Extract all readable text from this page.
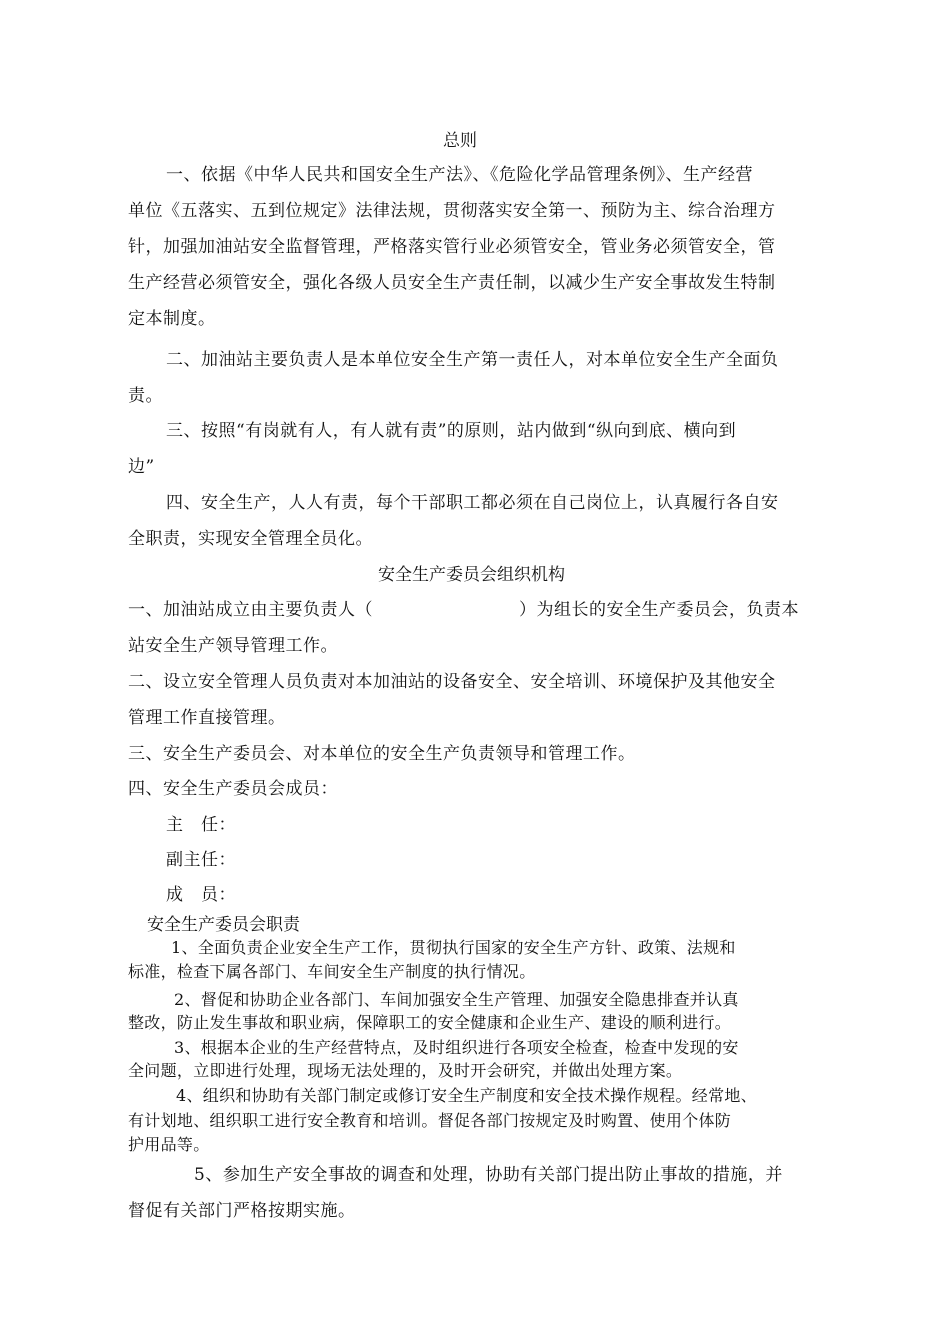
总则

一、依据《中华人民共和国安全生产法》、《危险化学品管理条例》、生产经营

单位《五落实、五到位规定》法律法规，贯彻落实安全第一、预防为主、综合治理方

针，加强加油站安全监督管理，严格落实管行业必须管安全，管业务必须管安全，管

生产经营必须管安全，强化各级人员安全生产责任制，以减少生产安全事故发生特制

定本制度。

二、加油站主要负责人是本单位安全生产第一责任人，对本单位安全生产全面负

责。

三、按照“有岗就有人，有人就有责”的原则，站内做到“纵向到底、横向到

边”

四、安全生产，人人有责，每个干部职工都必须在自己岗位上，认真履行各自安

全职责，实现安全管理全员化。

安全生产委员会组织机构

一、加油站成立由主要负责人（	）为组长的安全生产委员会，负责本

站安全生产领导管理工作。

二、设立安全管理人员负责对本加油站的设备安全、安全培训、环境保护及其他安全

管理工作直接管理。

三、安全生产委员会、对本单位的安全生产负责领导和管理工作。

四、安全生产委员会成员：

主　任：

副主任：

成　员：

安全生产委员会职责

1、全面负责企业安全生产工作，贯彻执行国家的安全生产方针、政策、法规和

标准，检查下属各部门、车间安全生产制度的执行情况。

2、督促和协助企业各部门、车间加强安全生产管理、加强安全隐患排查并认真

整改，防止发生事故和职业病，保障职工的安全健康和企业生产、建设的顺利进行。

3、根据本企业的生产经营特点，及时组织进行各项安全检查，检查中发现的安

全问题，立即进行处理，现场无法处理的，及时开会研究，并做出处理方案。

4、组织和协助有关部门制定或修订安全生产制度和安全技术操作规程。经常地、

有计划地、组织职工进行安全教育和培训。督促各部门按规定及时购置、使用个体防

护用品等。

5、参加生产安全事故的调查和处理，协助有关部门提出防止事故的措施，并

督促有关部门严格按期实施。
